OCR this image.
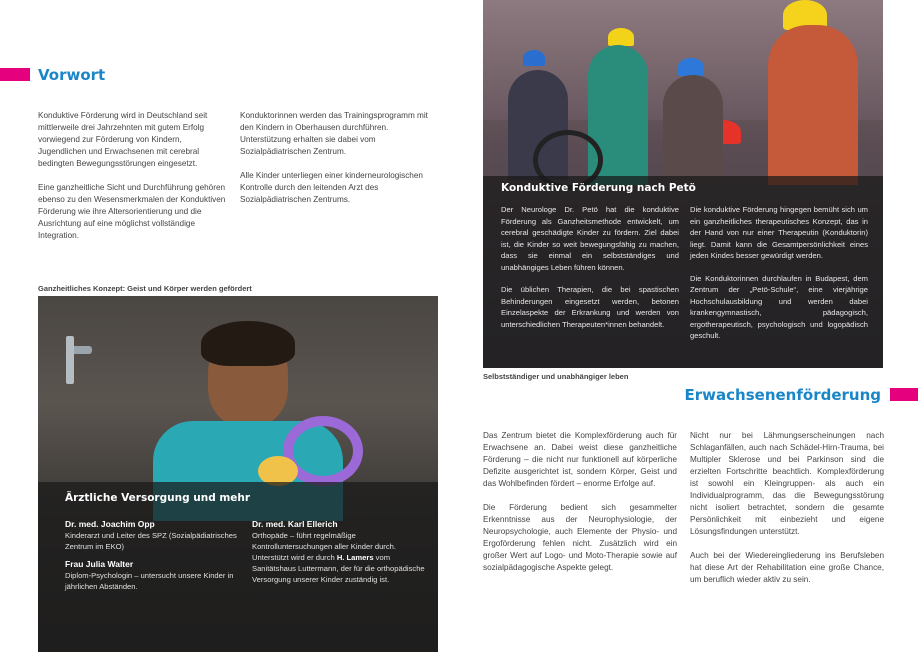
Vorwort

Konduktive Förderung wird in Deutschland seit mittlerweile drei Jahrzehnten mit gutem Erfolg vorwiegend zur Förderung von Kindern, Jugendlichen und Erwachsenen mit cerebral bedingten Bewegungsstörungen eingesetzt.

Eine ganzheitliche Sicht und Durchführung gehören ebenso zu den Wesensmerkmalen der Konduktiven Förderung wie ihre Altersorientierung und die Ausrichtung auf eine möglichst vollständige Integration.

Konduktorinnen werden das Trainingsprogramm mit den Kindern in Oberhausen durchführen. Unterstützung erhalten sie dabei vom Sozialpädiatrischen Zentrum.

Alle Kinder unterliegen einer kinderneurologischen Kontrolle durch den leitenden Arzt des Sozialpädiatrischen Zentrums.

Ganzheitliches Konzept: Geist und Körper werden gefördert
Ärztliche Versorgung und mehr
Dr. med. Joachim Opp
Kinderarzt und Leiter des SPZ (Sozialpädiatrisches Zentrum im EKO)
Frau Julia Walter
Diplom-Psychologin – untersucht unsere Kinder in jährlichen Abständen.
Dr. med. Karl Ellerich
Orthopäde – führt regelmäßige Kontrolluntersuchungen aller Kinder durch. Unterstützt wird er durch H. Lamers vom Sanitätshaus Luttermann, der für die orthopädische Versorgung unserer Kinder zuständig ist.
Konduktive Förderung nach Petö

Der Neurologe Dr. Petö hat die konduktive Förderung als Ganzheitsmethode entwickelt, um cerebral geschädigte Kinder zu fördern. Ziel dabei ist, die Kinder so weit bewegungsfähig zu machen, dass sie einmal ein selbstständiges und unabhängiges Leben führen können.

Die üblichen Therapien, die bei spastischen Behinderungen eingesetzt werden, betonen Einzelaspekte der Erkrankung und werden von unterschiedlichen Therapeuten*innen behandelt.

Die konduktive Förderung hingegen bemüht sich um ein ganzheitliches therapeutisches Konzept, das in der Hand von nur einer Therapeutin (Konduktorin) liegt. Damit kann die Gesamtpersönlichkeit eines jeden Kindes besser gewürdigt werden.

Die Konduktorinnen durchlaufen in Budapest, dem Zentrum der „Petö-Schule“, eine vierjährige Hochschulausbildung und werden dabei krankengymnastisch, pädagogisch, ergotherapeutisch, psychologisch und logopädisch geschult.

Selbstständiger und unabhängiger leben
Erwachsenenförderung

Das Zentrum bietet die Komplexförderung auch für Erwachsene an. Dabei weist diese ganzheitliche Förderung – die nicht nur funktionell auf körperliche Defizite ausgerichtet ist, sondern Körper, Geist und das Wohlbefinden fördert – enorme Erfolge auf.

Die Förderung bedient sich gesammelter Erkenntnisse aus der Neurophysiologie, der Neuropsychologie, auch Elemente der Physio- und Ergoförderung fehlen nicht. Zusätzlich wird ein großer Wert auf Logo- und Moto-Therapie sowie auf sozialpädagogische Aspekte gelegt.

Nicht nur bei Lähmungserscheinungen nach Schlaganfällen, auch nach Schädel-Hirn-Trauma, bei Multipler Sklerose und bei Parkinson sind die erzielten Fortschritte beachtlich. Komplexförderung ist sowohl ein Kleingruppen- als auch ein Individualprogramm, das die Bewegungsstörung nicht isoliert betrachtet, sondern die gesamte Persönlichkeit mit einbezieht und eigene Lösungsfindungen unterstützt.

Auch bei der Wiedereingliederung ins Berufsleben hat diese Art der Rehabilitation eine große Chance, um beruflich wieder aktiv zu sein.
